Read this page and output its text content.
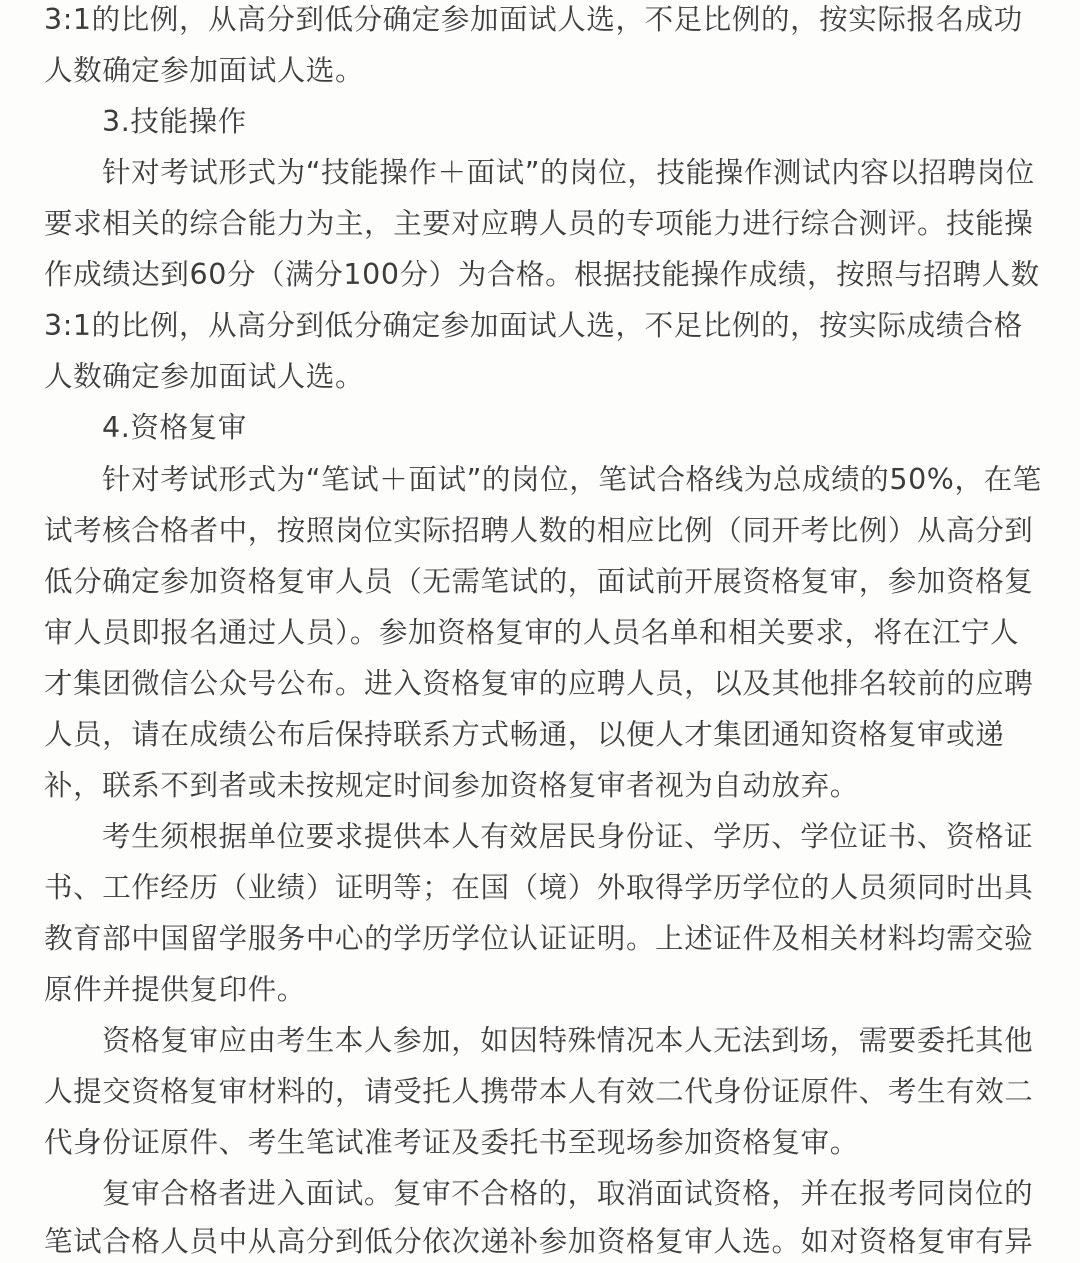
3:1的比例，从高分到低分确定参加面试人选，不足比例的，按实际报名成功
人数确定参加面试人选。
3.技能操作
针对考试形式为“技能操作＋面试”的岗位，技能操作测试内容以招聘岗位
要求相关的综合能力为主，主要对应聘人员的专项能力进行综合测评。技能操
作成绩达到60分（满分100分）为合格。根据技能操作成绩，按照与招聘人数
3:1的比例，从高分到低分确定参加面试人选，不足比例的，按实际成绩合格
人数确定参加面试人选。
4.资格复审
针对考试形式为“笔试＋面试”的岗位，笔试合格线为总成绩的50%，在笔
试考核合格者中，按照岗位实际招聘人数的相应比例（同开考比例）从高分到
低分确定参加资格复审人员（无需笔试的，面试前开展资格复审，参加资格复
审人员即报名通过人员）。参加资格复审的人员名单和相关要求，将在江宁人
才集团微信公众号公布。进入资格复审的应聘人员，以及其他排名较前的应聘
人员，请在成绩公布后保持联系方式畅通，以便人才集团通知资格复审或递
补，联系不到者或未按规定时间参加资格复审者视为自动放弃。
考生须根据单位要求提供本人有效居民身份证、学历、学位证书、资格证
书、工作经历（业绩）证明等；在国（境）外取得学历学位的人员须同时出具
教育部中国留学服务中心的学历学位认证证明。上述证件及相关材料均需交验
原件并提供复印件。
资格复审应由考生本人参加，如因特殊情况本人无法到场，需要委托其他
人提交资格复审材料的，请受托人携带本人有效二代身份证原件、考生有效二
代身份证原件、考生笔试准考证及委托书至现场参加资格复审。
复审合格者进入面试。复审不合格的，取消面试资格，并在报考同岗位的
笔试合格人员中从高分到低分依次递补参加资格复审人选。如对资格复审有异
